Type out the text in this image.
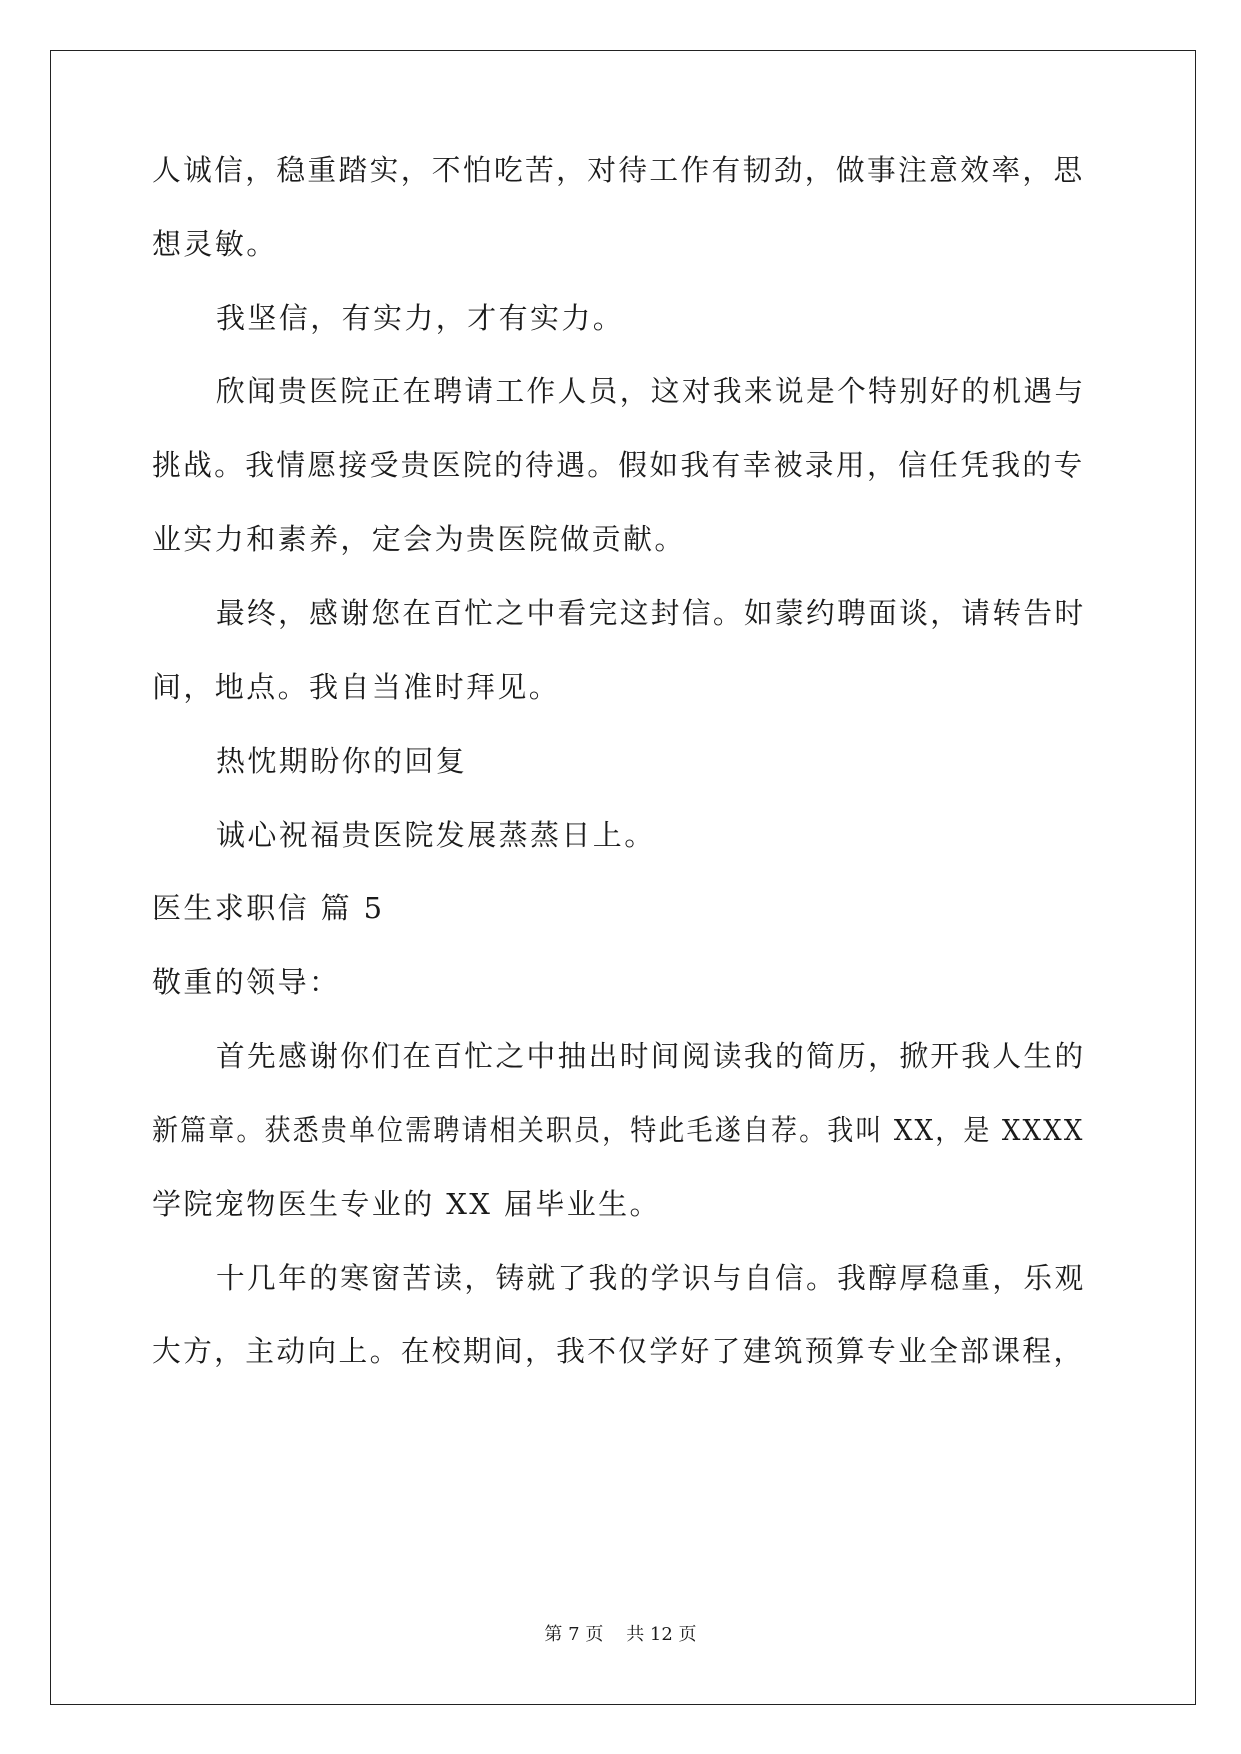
人诚信，稳重踏实，不怕吃苦，对待工作有韧劲，做事注意效率，思

想灵敏。

我坚信，有实力，才有实力。

欣闻贵医院正在聘请工作人员，这对我来说是个特别好的机遇与

挑战。我情愿接受贵医院的待遇。假如我有幸被录用，信任凭我的专

业实力和素养，定会为贵医院做贡献。

最终，感谢您在百忙之中看完这封信。如蒙约聘面谈，请转告时

间，地点。我自当准时拜见。

热忱期盼你的回复

诚心祝福贵医院发展蒸蒸日上。

医生求职信 篇 5

敬重的领导：

首先感谢你们在百忙之中抽出时间阅读我的简历，掀开我人生的

新篇章。获悉贵单位需聘请相关职员，特此毛遂自荐。我叫 XX，是 XXXX

学院宠物医生专业的 XX 届毕业生。

十几年的寒窗苦读，铸就了我的学识与自信。我醇厚稳重，乐观

大方，主动向上。在校期间，我不仅学好了建筑预算专业全部课程，

第 7 页    共 12 页
